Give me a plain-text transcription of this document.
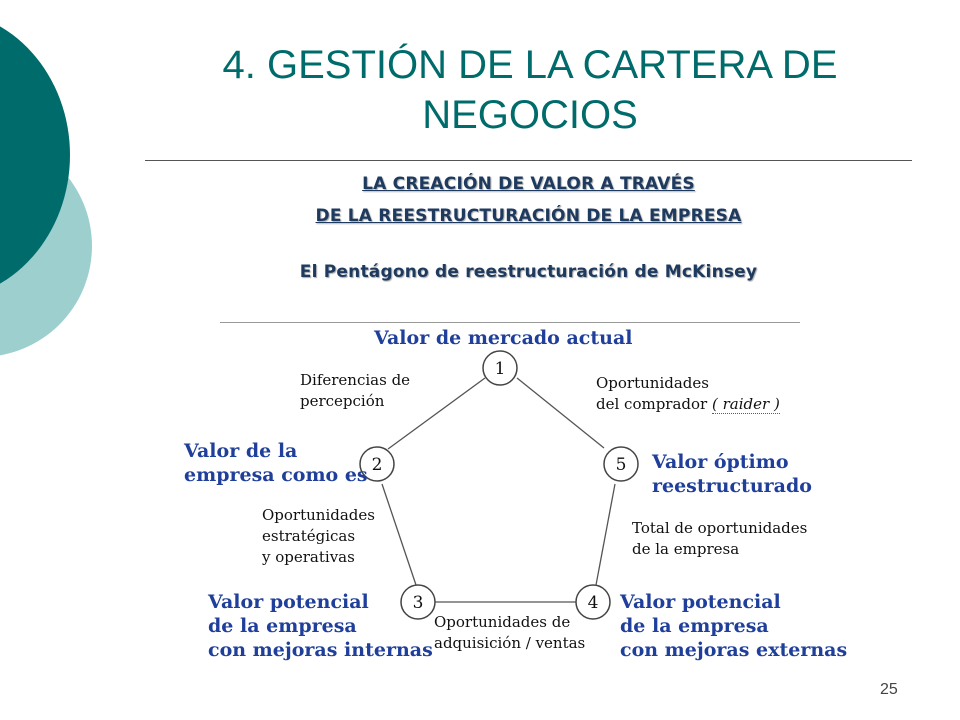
4. GESTIÓN DE LA CARTERA DE
NEGOCIOS
LA CREACIÓN DE VALOR A TRAVÉS
DE LA REESTRUCTURACIÓN DE LA EMPRESA
El Pentágono de reestructuración de McKinsey
1
2
3	4
5
Valor de mercado actual
Valor de la
empresa como es
Valor óptimo
reestructurado
Valor potencial
de la empresa
con mejoras internas
Valor potencial
de la empresa
con mejoras externas
Diferencias de
percepción
Oportunidades
del comprador ( raider )
Oportunidades
estratégicas
y operativas
Total de oportunidades
de la empresa
Oportunidades de
adquisición / ventas
25
